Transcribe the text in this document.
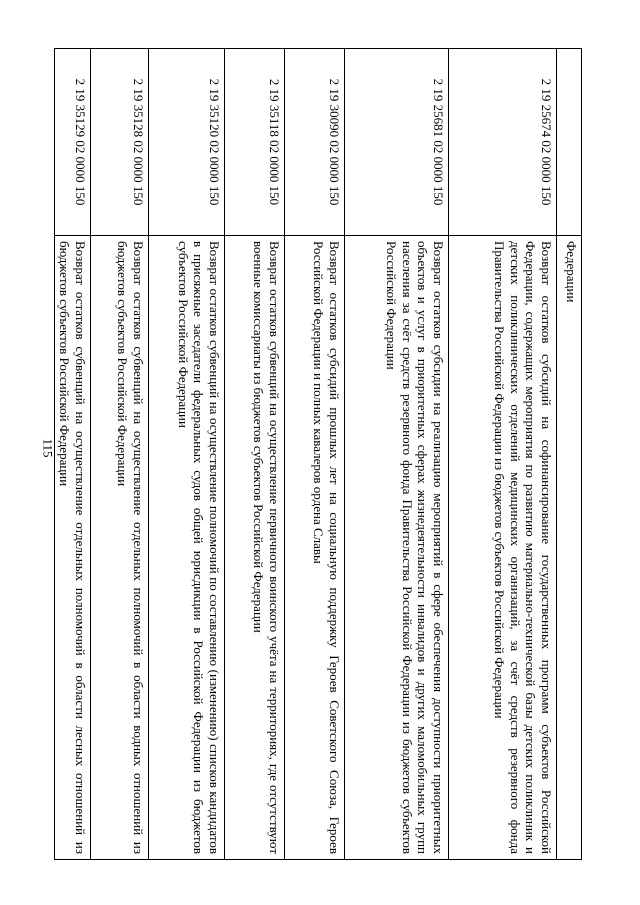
115
	Федерации
2 19 25674 02 0000 150	Возврат остатков субсидий на софинансирование государственных программ субъектов Российской Федерации, содержащих мероприятия по развитию материально-технической базы детских поликлиник и детских поликлинических отделений медицинских организаций, за счёт средств резервного фонда Правительства Российской Федерации из бюджетов субъектов Российской Федерации
2 19 25681 02 0000 150	Возврат остатков субсидии на реализацию мероприятий в сфере обеспечения доступности приоритетных объектов и услуг в приоритетных сферах жизнедеятельности инвалидов и других маломобильных групп населения за счёт средств резервного фонда Правительства Российской Федерации из бюджетов субъектов Российской Федерации
2 19 30090 02 0000 150	Возврат остатков субсидий прошлых лет на социальную поддержку Героев Советского Союза, Героев Российской Федерации и полных кавалеров ордена Славы
2 19 35118 02 0000 150	Возврат остатков субвенций на осуществление первичного воинского учёта на территориях, где отсутствуют военные комиссариаты из бюджетов субъектов Российской Федерации
2 19 35120 02 0000 150	Возврат остатков субвенций на осуществление полномочий по составлению (изменению) списков кандидатов в присяжные заседатели федеральных судов общей юрисдикции в Российской Федерации из бюджетов субъектов Российской Федерации
2 19 35128 02 0000 150	Возврат остатков субвенций на осуществление отдельных полномочий в области водных отношений из бюджетов субъектов Российской Федерации
2 19 35129 02 0000 150	Возврат остатков субвенций на осуществление отдельных полномочий в области лесных отношений из бюджетов субъектов Российской Федерации
